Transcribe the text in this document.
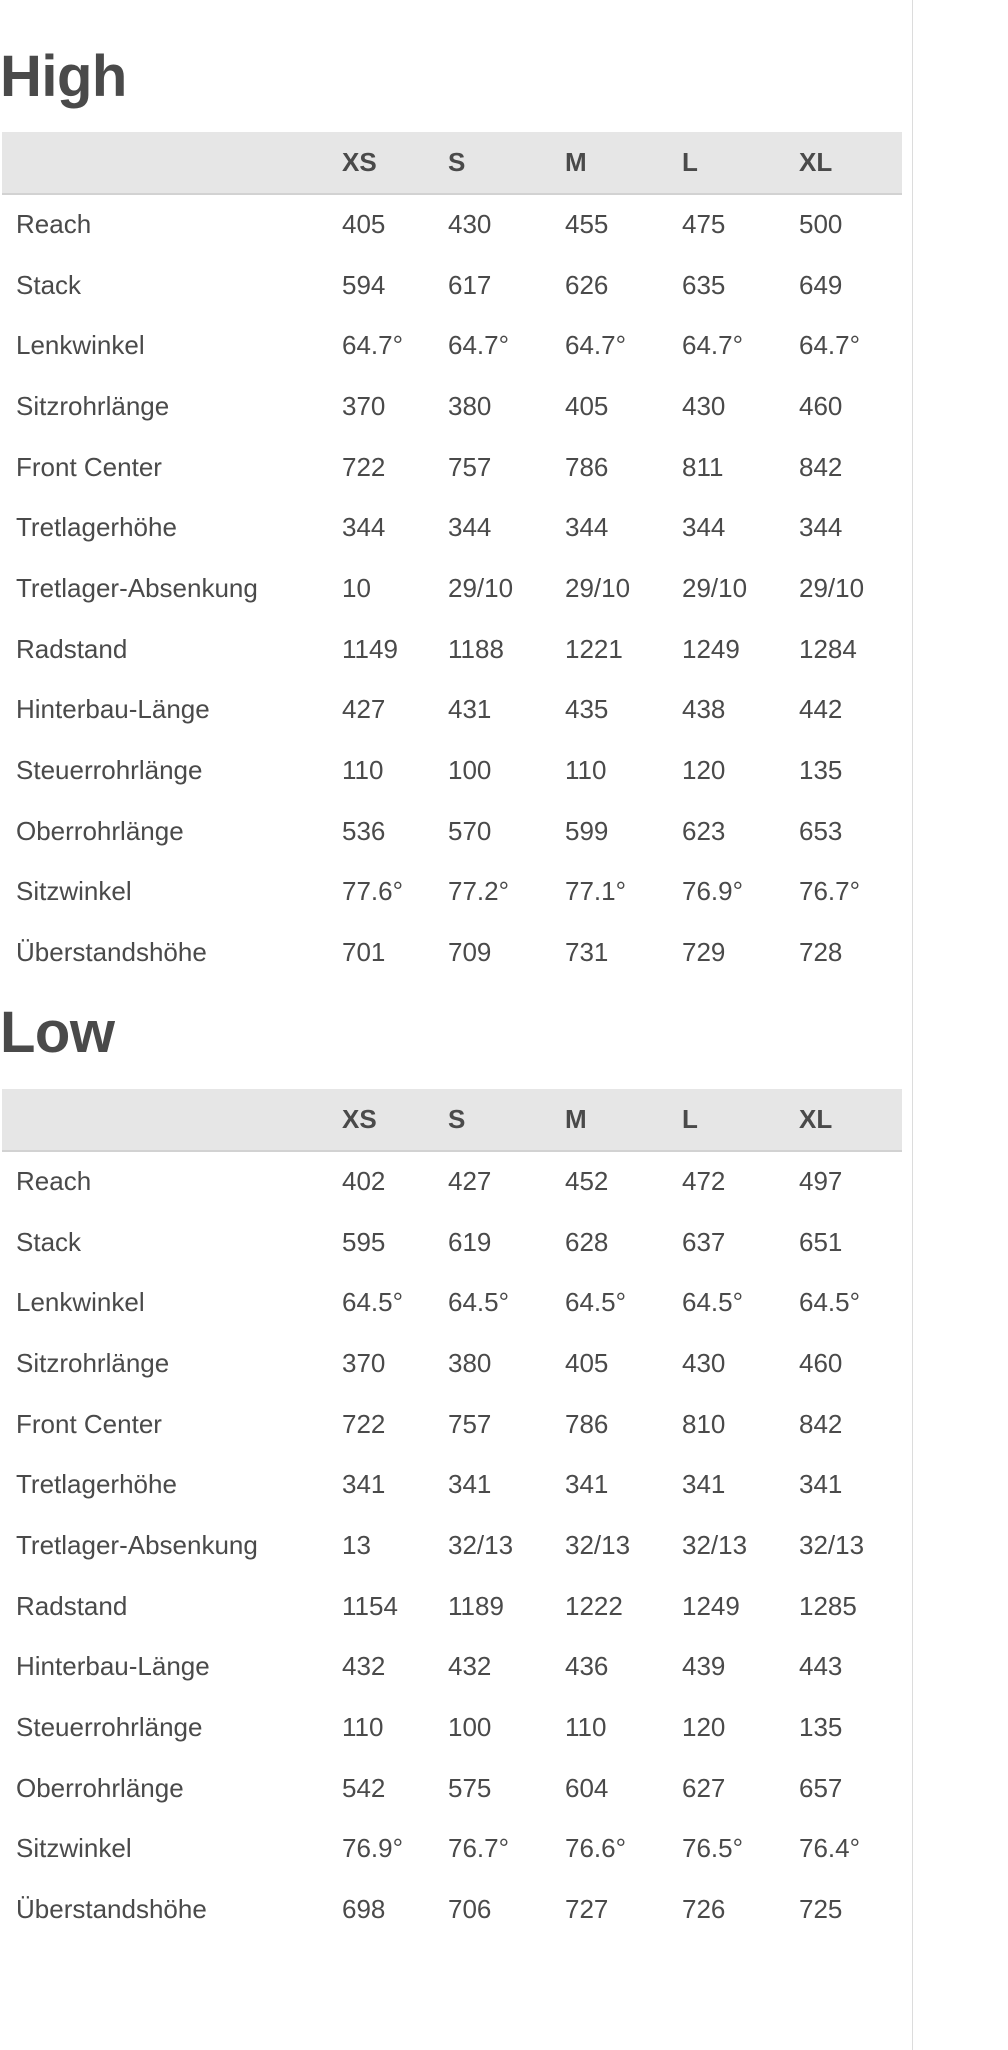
High
	XS	S	M	L	XL
Reach	405	430	455	475	500
Stack	594	617	626	635	649
Lenkwinkel	64.7°	64.7°	64.7°	64.7°	64.7°
Sitzrohrlänge	370	380	405	430	460
Front Center	722	757	786	811	842
Tretlagerhöhe	344	344	344	344	344
Tretlager-Absenkung	10	29/10	29/10	29/10	29/10
Radstand	1149	1188	1221	1249	1284
Hinterbau-Länge	427	431	435	438	442
Steuerrohrlänge	110	100	110	120	135
Oberrohrlänge	536	570	599	623	653
Sitzwinkel	77.6°	77.2°	77.1°	76.9°	76.7°
Überstandshöhe	701	709	731	729	728
Low
	XS	S	M	L	XL
Reach	402	427	452	472	497
Stack	595	619	628	637	651
Lenkwinkel	64.5°	64.5°	64.5°	64.5°	64.5°
Sitzrohrlänge	370	380	405	430	460
Front Center	722	757	786	810	842
Tretlagerhöhe	341	341	341	341	341
Tretlager-Absenkung	13	32/13	32/13	32/13	32/13
Radstand	1154	1189	1222	1249	1285
Hinterbau-Länge	432	432	436	439	443
Steuerrohrlänge	110	100	110	120	135
Oberrohrlänge	542	575	604	627	657
Sitzwinkel	76.9°	76.7°	76.6°	76.5°	76.4°
Überstandshöhe	698	706	727	726	725
